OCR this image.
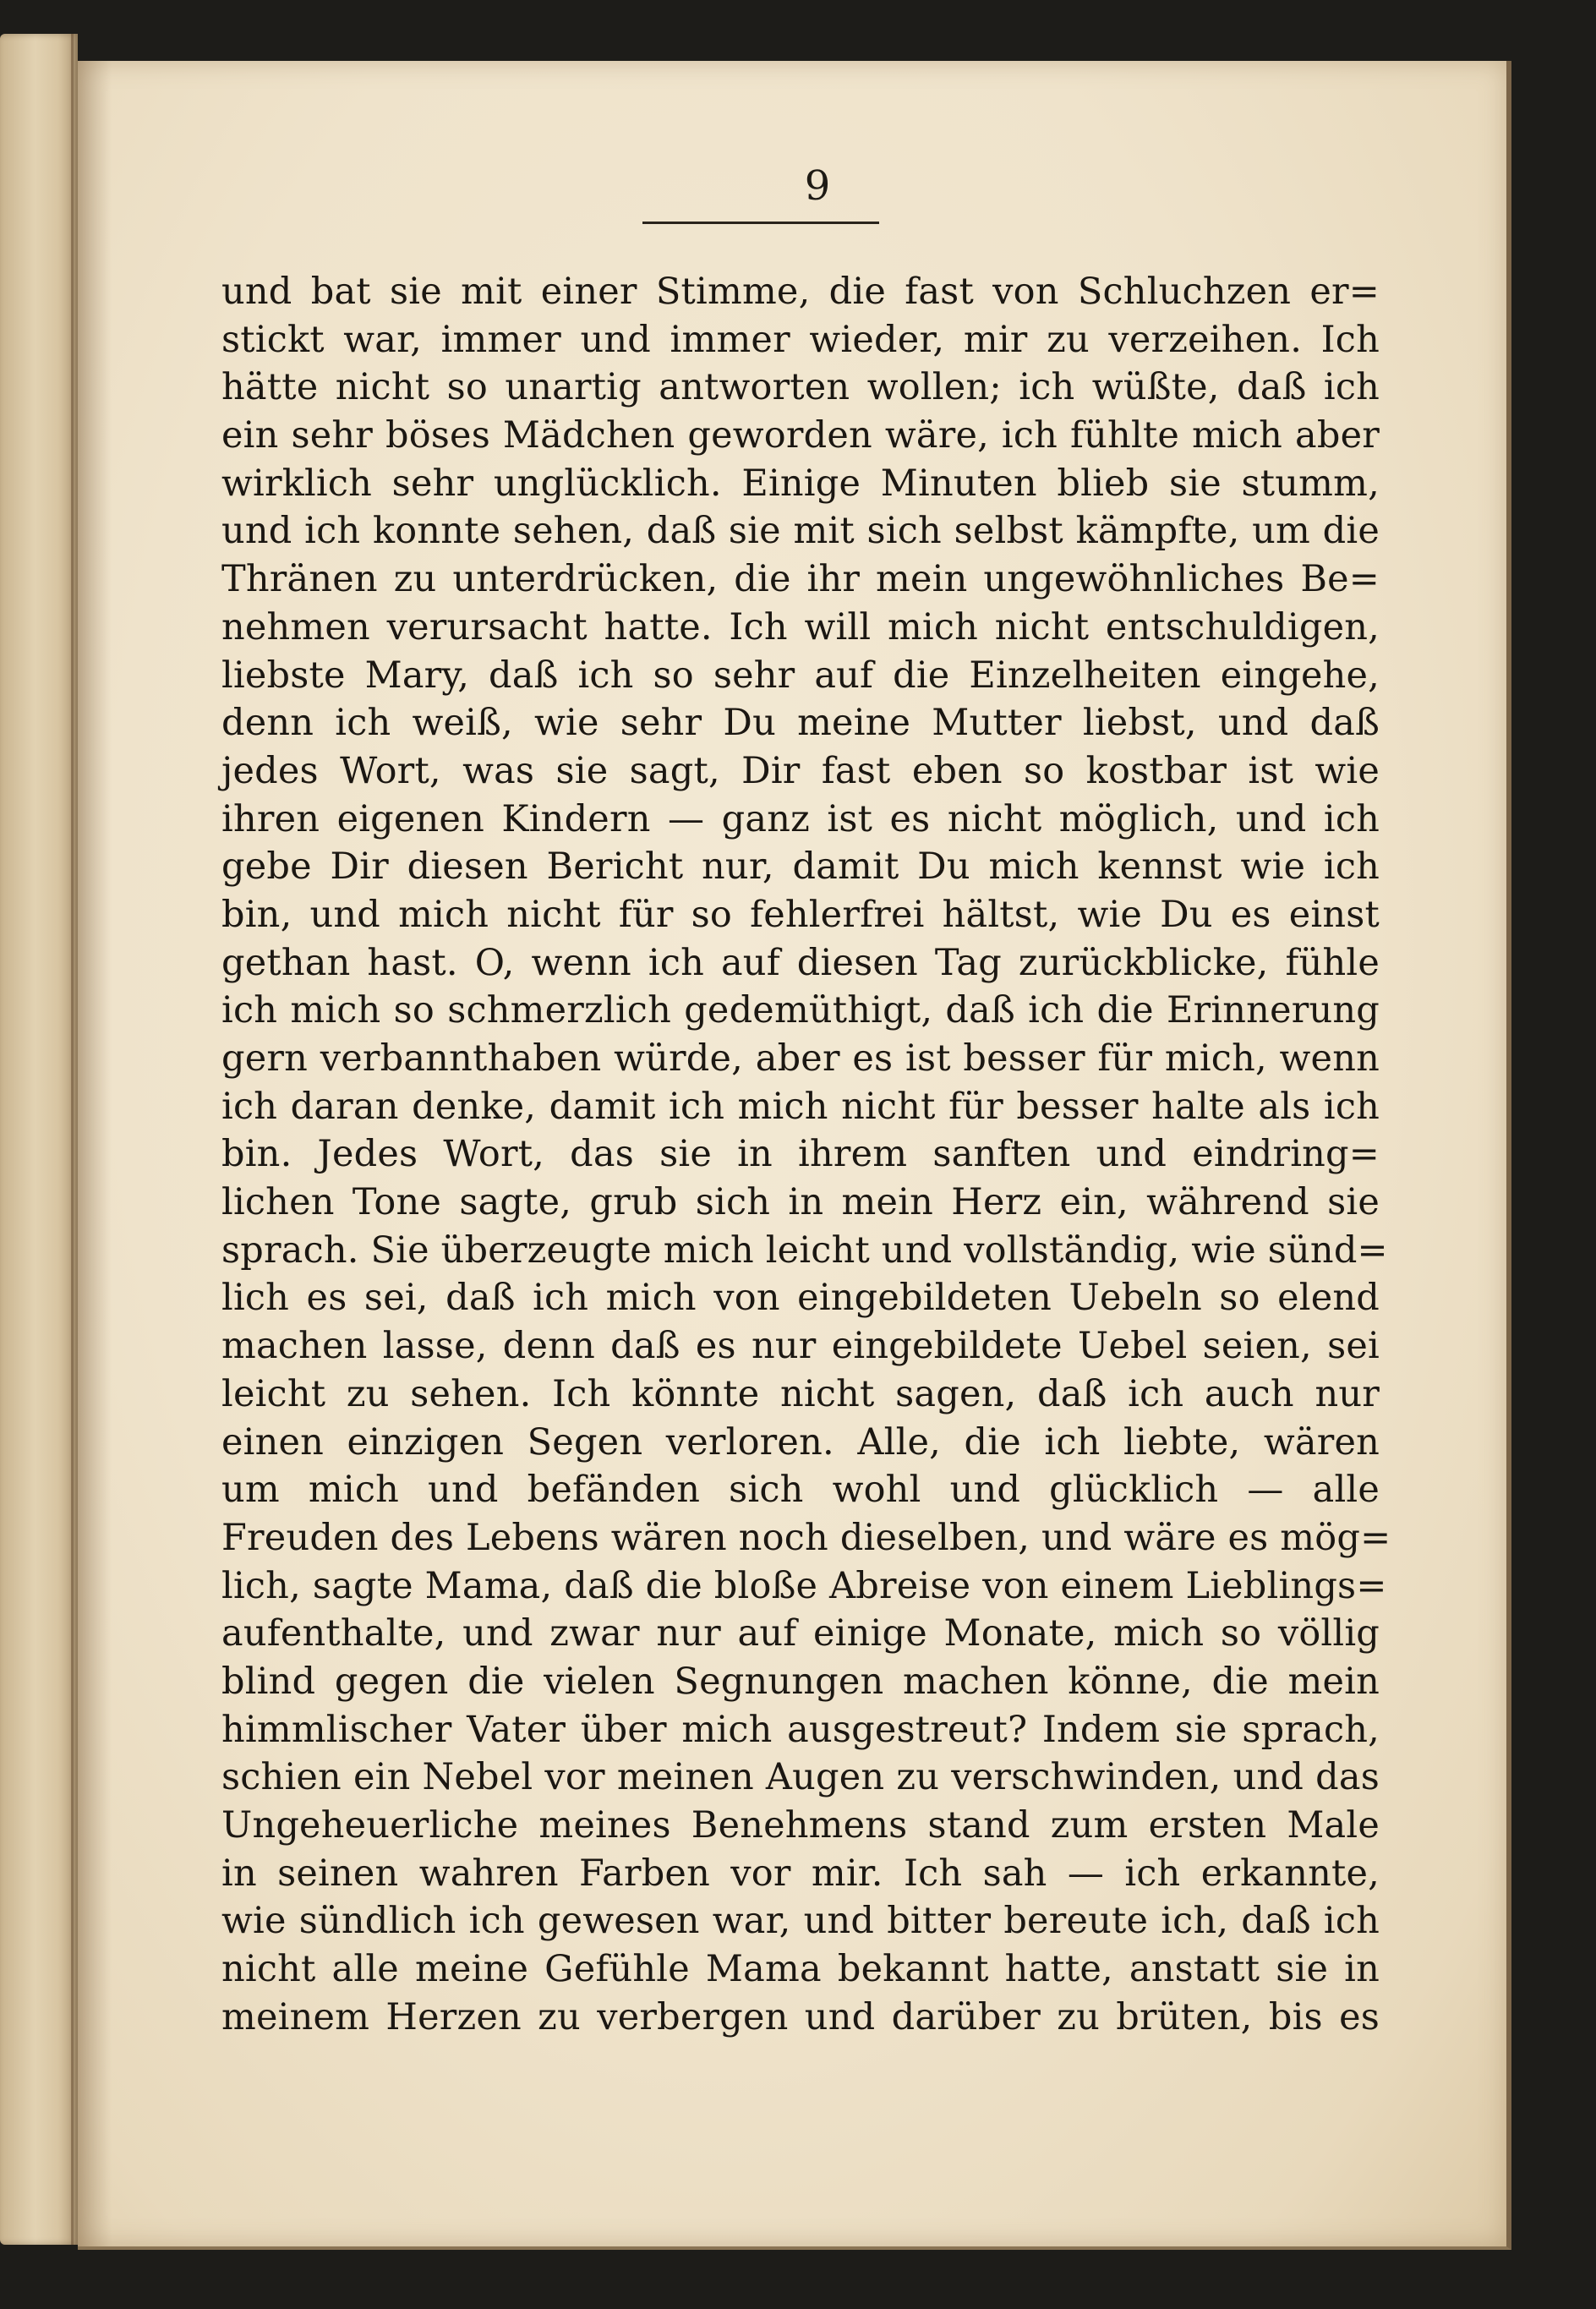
9
und bat sie mit einer Stimme, die fast von Schluchzen er=
stickt war, immer und immer wieder, mir zu verzeihen. Ich
hätte nicht so unartig antworten wollen; ich wüßte, daß ich
ein sehr böses Mädchen geworden wäre, ich fühlte mich aber
wirklich sehr unglücklich. Einige Minuten blieb sie stumm,
und ich konnte sehen, daß sie mit sich selbst kämpfte, um die
Thränen zu unterdrücken, die ihr mein ungewöhnliches Be=
nehmen verursacht hatte. Ich will mich nicht entschuldigen,
liebste Mary, daß ich so sehr auf die Einzelheiten eingehe,
denn ich weiß, wie sehr Du meine Mutter liebst, und daß
jedes Wort, was sie sagt, Dir fast eben so kostbar ist wie
ihren eigenen Kindern — ganz ist es nicht möglich, und ich
gebe Dir diesen Bericht nur, damit Du mich kennst wie ich
bin, und mich nicht für so fehlerfrei hältst, wie Du es einst
gethan hast. O, wenn ich auf diesen Tag zurückblicke, fühle
ich mich so schmerzlich gedemüthigt, daß ich die Erinnerung
gern verbannthaben würde, aber es ist besser für mich, wenn
ich daran denke, damit ich mich nicht für besser halte als ich
bin. Jedes Wort, das sie in ihrem sanften und eindring=
lichen Tone sagte, grub sich in mein Herz ein, während sie
sprach. Sie überzeugte mich leicht und vollständig, wie sünd=
lich es sei, daß ich mich von eingebildeten Uebeln so elend
machen lasse, denn daß es nur eingebildete Uebel seien, sei
leicht zu sehen. Ich könnte nicht sagen, daß ich auch nur
einen einzigen Segen verloren. Alle, die ich liebte, wären
um mich und befänden sich wohl und glücklich — alle
Freuden des Lebens wären noch dieselben, und wäre es mög=
lich, sagte Mama, daß die bloße Abreise von einem Lieblings=
aufenthalte, und zwar nur auf einige Monate, mich so völlig
blind gegen die vielen Segnungen machen könne, die mein
himmlischer Vater über mich ausgestreut? Indem sie sprach,
schien ein Nebel vor meinen Augen zu verschwinden, und das
Ungeheuerliche meines Benehmens stand zum ersten Male
in seinen wahren Farben vor mir. Ich sah — ich erkannte,
wie sündlich ich gewesen war, und bitter bereute ich, daß ich
nicht alle meine Gefühle Mama bekannt hatte, anstatt sie in
meinem Herzen zu verbergen und darüber zu brüten, bis es
